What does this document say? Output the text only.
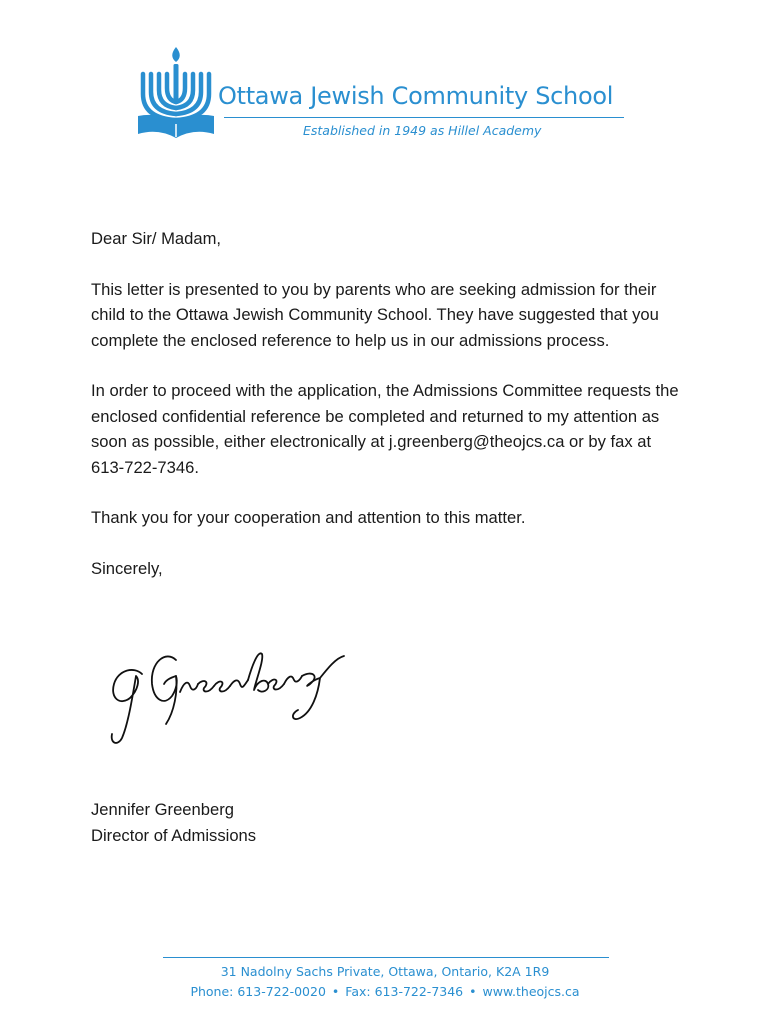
Ottawa Jewish Community School
Established in 1949 as Hillel Academy

Dear Sir/ Madam,

This letter is presented to you by parents who are seeking admission for their child to the Ottawa Jewish Community School. They have suggested that you complete the enclosed reference to help us in our admissions process.

In order to proceed with the application, the Admissions Committee requests the enclosed confidential reference be completed and returned to my attention as soon as possible, either electronically at j.greenberg@theojcs.ca or by fax at 613-722-7346.

Thank you for your cooperation and attention to this matter.

Sincerely,

Jennifer Greenberg
Director of Admissions
31 Nadolny Sachs Private, Ottawa, Ontario, K2A 1R9
Phone: 613-722-0020 • Fax: 613-722-7346 • www.theojcs.ca
